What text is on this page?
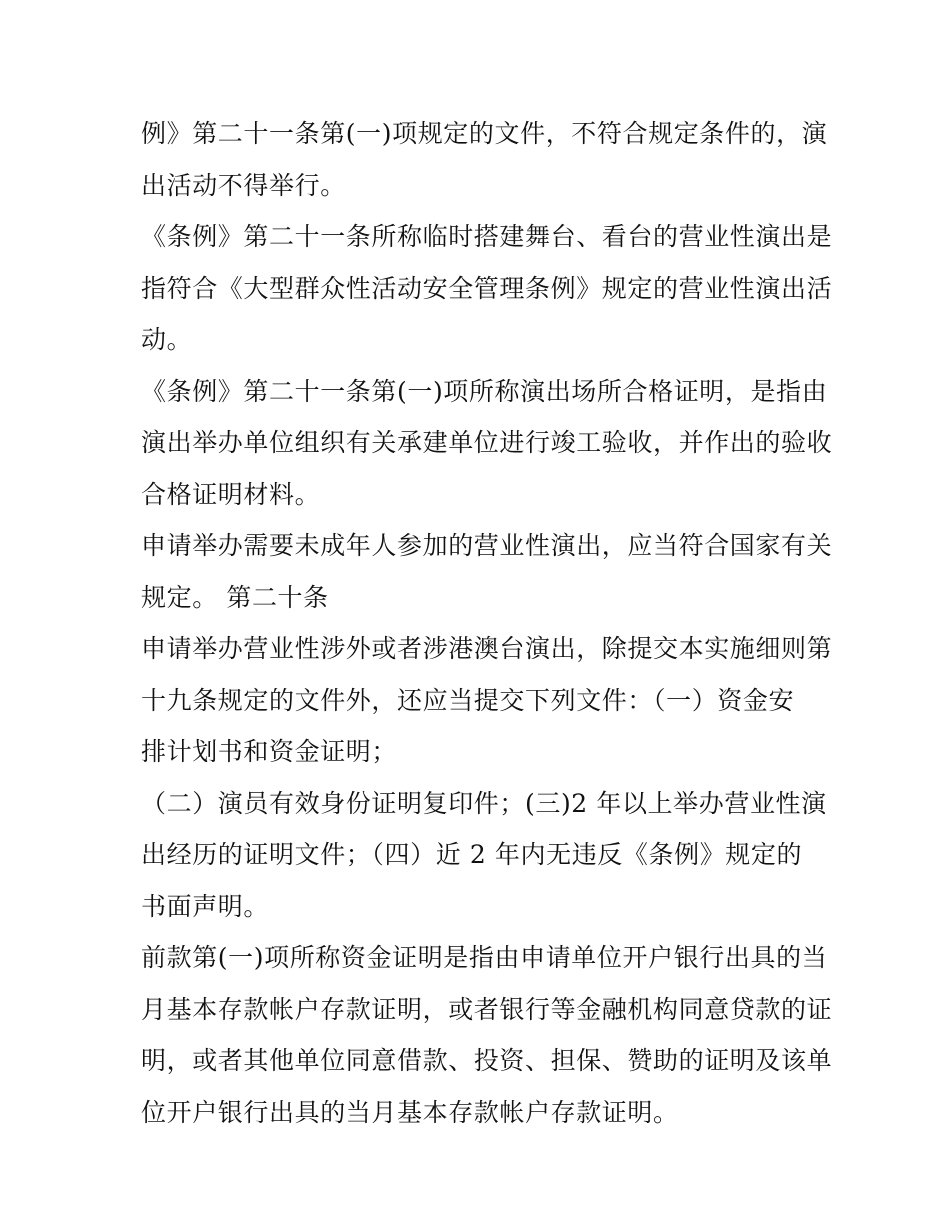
例》第二十一条第(一)项规定的文件，不符合规定条件的，演
出活动不得举行。
《条例》第二十一条所称临时搭建舞台、看台的营业性演出是
指符合《大型群众性活动安全管理条例》规定的营业性演出活
动。
《条例》第二十一条第(一)项所称演出场所合格证明，是指由
演出举办单位组织有关承建单位进行竣工验收，并作出的验收
合格证明材料。
申请举办需要未成年人参加的营业性演出，应当符合国家有关
规定。 第二十条
申请举办营业性涉外或者涉港澳台演出，除提交本实施细则第
十九条规定的文件外，还应当提交下列文件：（一）资金安
排计划书和资金证明；
（二）演员有效身份证明复印件；(三)2 年以上举办营业性演
出经历的证明文件；（四）近 2 年内无违反《条例》规定的
书面声明。
前款第(一)项所称资金证明是指由申请单位开户银行出具的当
月基本存款帐户存款证明，或者银行等金融机构同意贷款的证
明，或者其他单位同意借款、投资、担保、赞助的证明及该单
位开户银行出具的当月基本存款帐户存款证明。
